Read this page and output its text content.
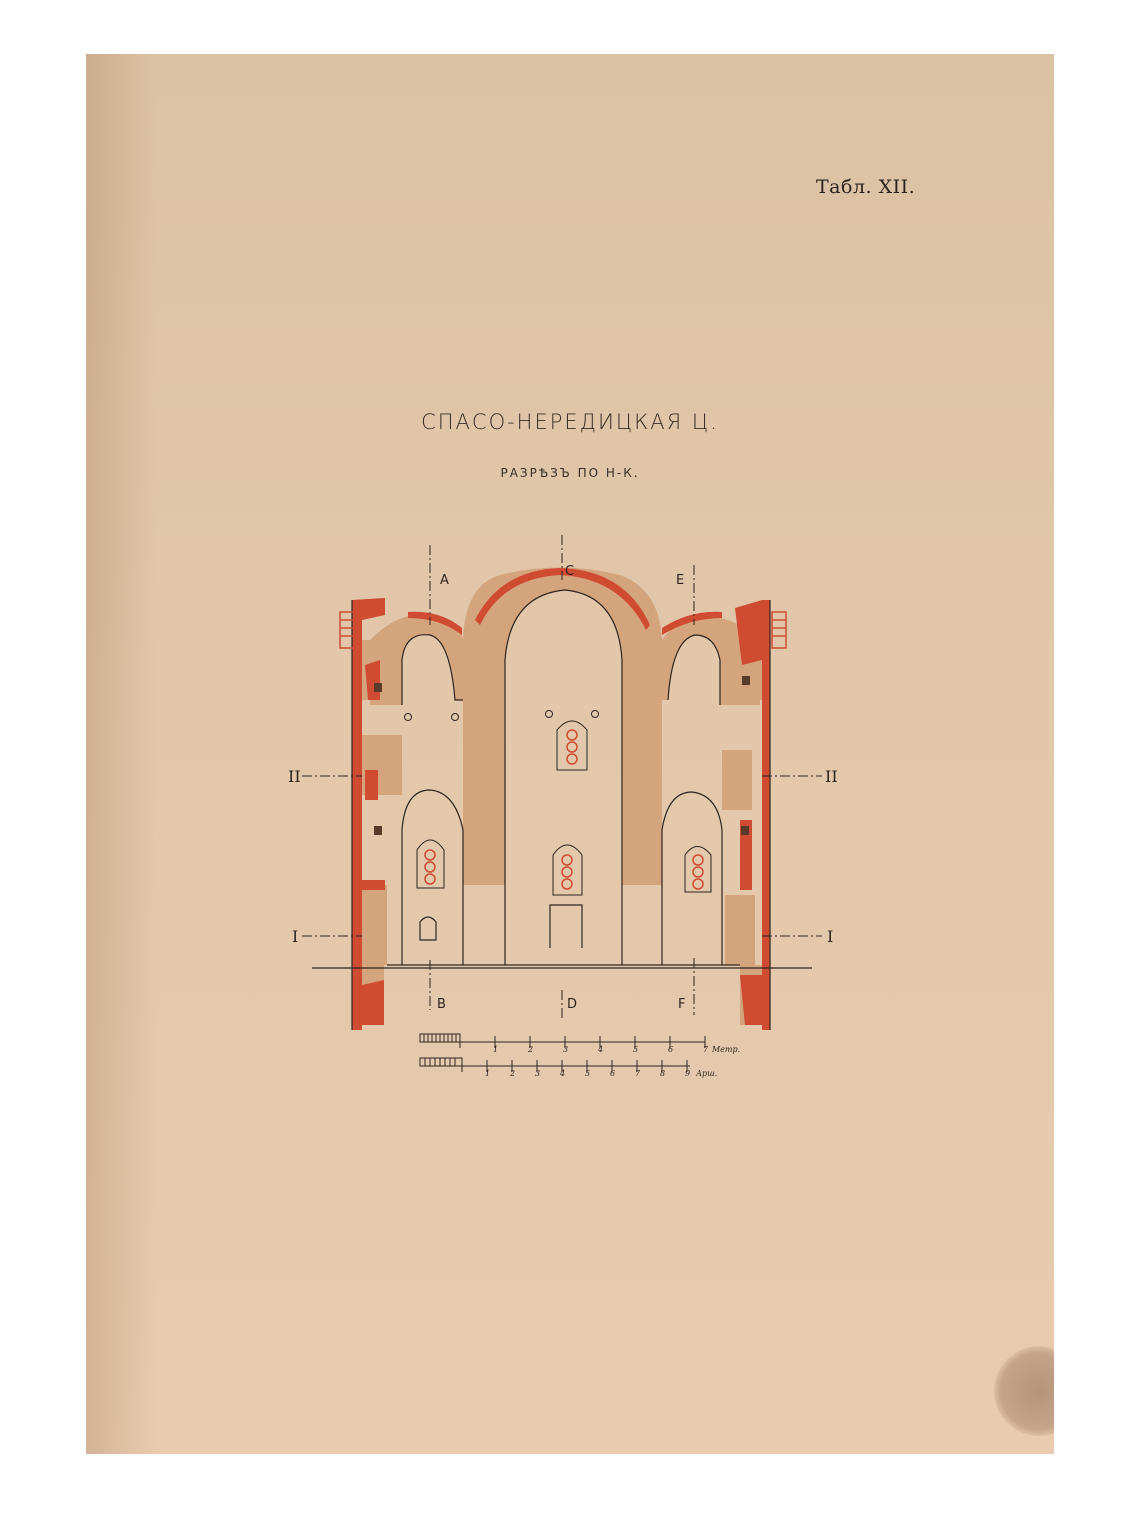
Табл. XII.
СПАСО-НЕРЕДИЦКАЯ Ц.
РАЗРѢЗЪ ПО Н-К.
A
C
E
B	D	F
II	II
I	I
1	2	3	4	5	6	7 Метр.
1 2 3 4 5 6 7 8 9 Арш.
